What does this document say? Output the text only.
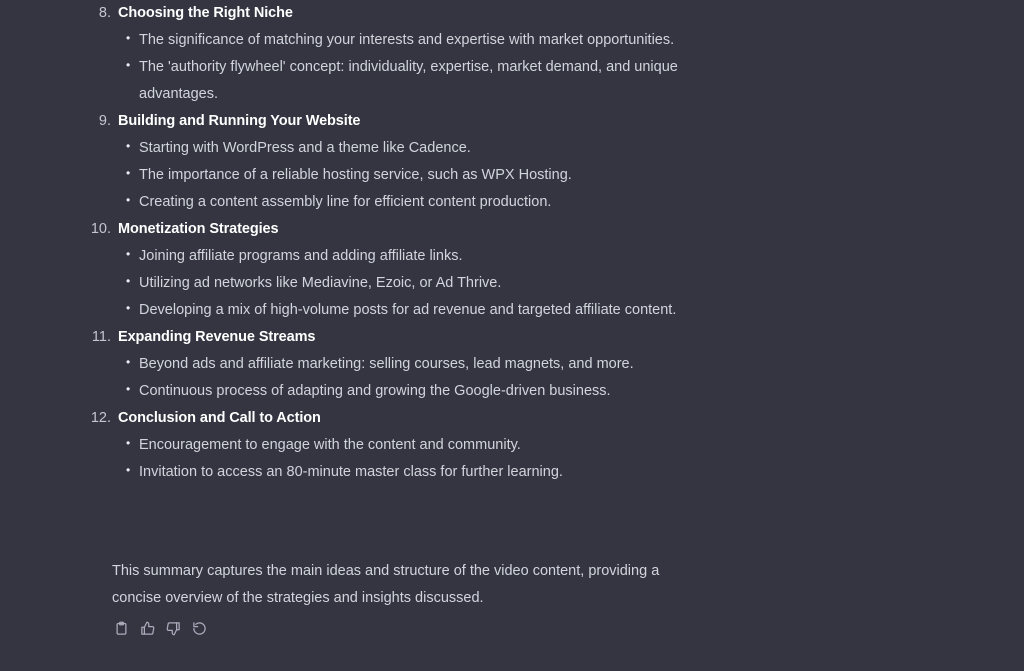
8. Choosing the Right Niche
• The significance of matching your interests and expertise with market opportunities.
• The 'authority flywheel' concept: individuality, expertise, market demand, and unique advantages.
9. Building and Running Your Website
• Starting with WordPress and a theme like Cadence.
• The importance of a reliable hosting service, such as WPX Hosting.
• Creating a content assembly line for efficient content production.
10. Monetization Strategies
• Joining affiliate programs and adding affiliate links.
• Utilizing ad networks like Mediavine, Ezoic, or Ad Thrive.
• Developing a mix of high-volume posts for ad revenue and targeted affiliate content.
11. Expanding Revenue Streams
• Beyond ads and affiliate marketing: selling courses, lead magnets, and more.
• Continuous process of adapting and growing the Google-driven business.
12. Conclusion and Call to Action
• Encouragement to engage with the content and community.
• Invitation to access an 80-minute master class for further learning.

This summary captures the main ideas and structure of the video content, providing a concise overview of the strategies and insights discussed.
